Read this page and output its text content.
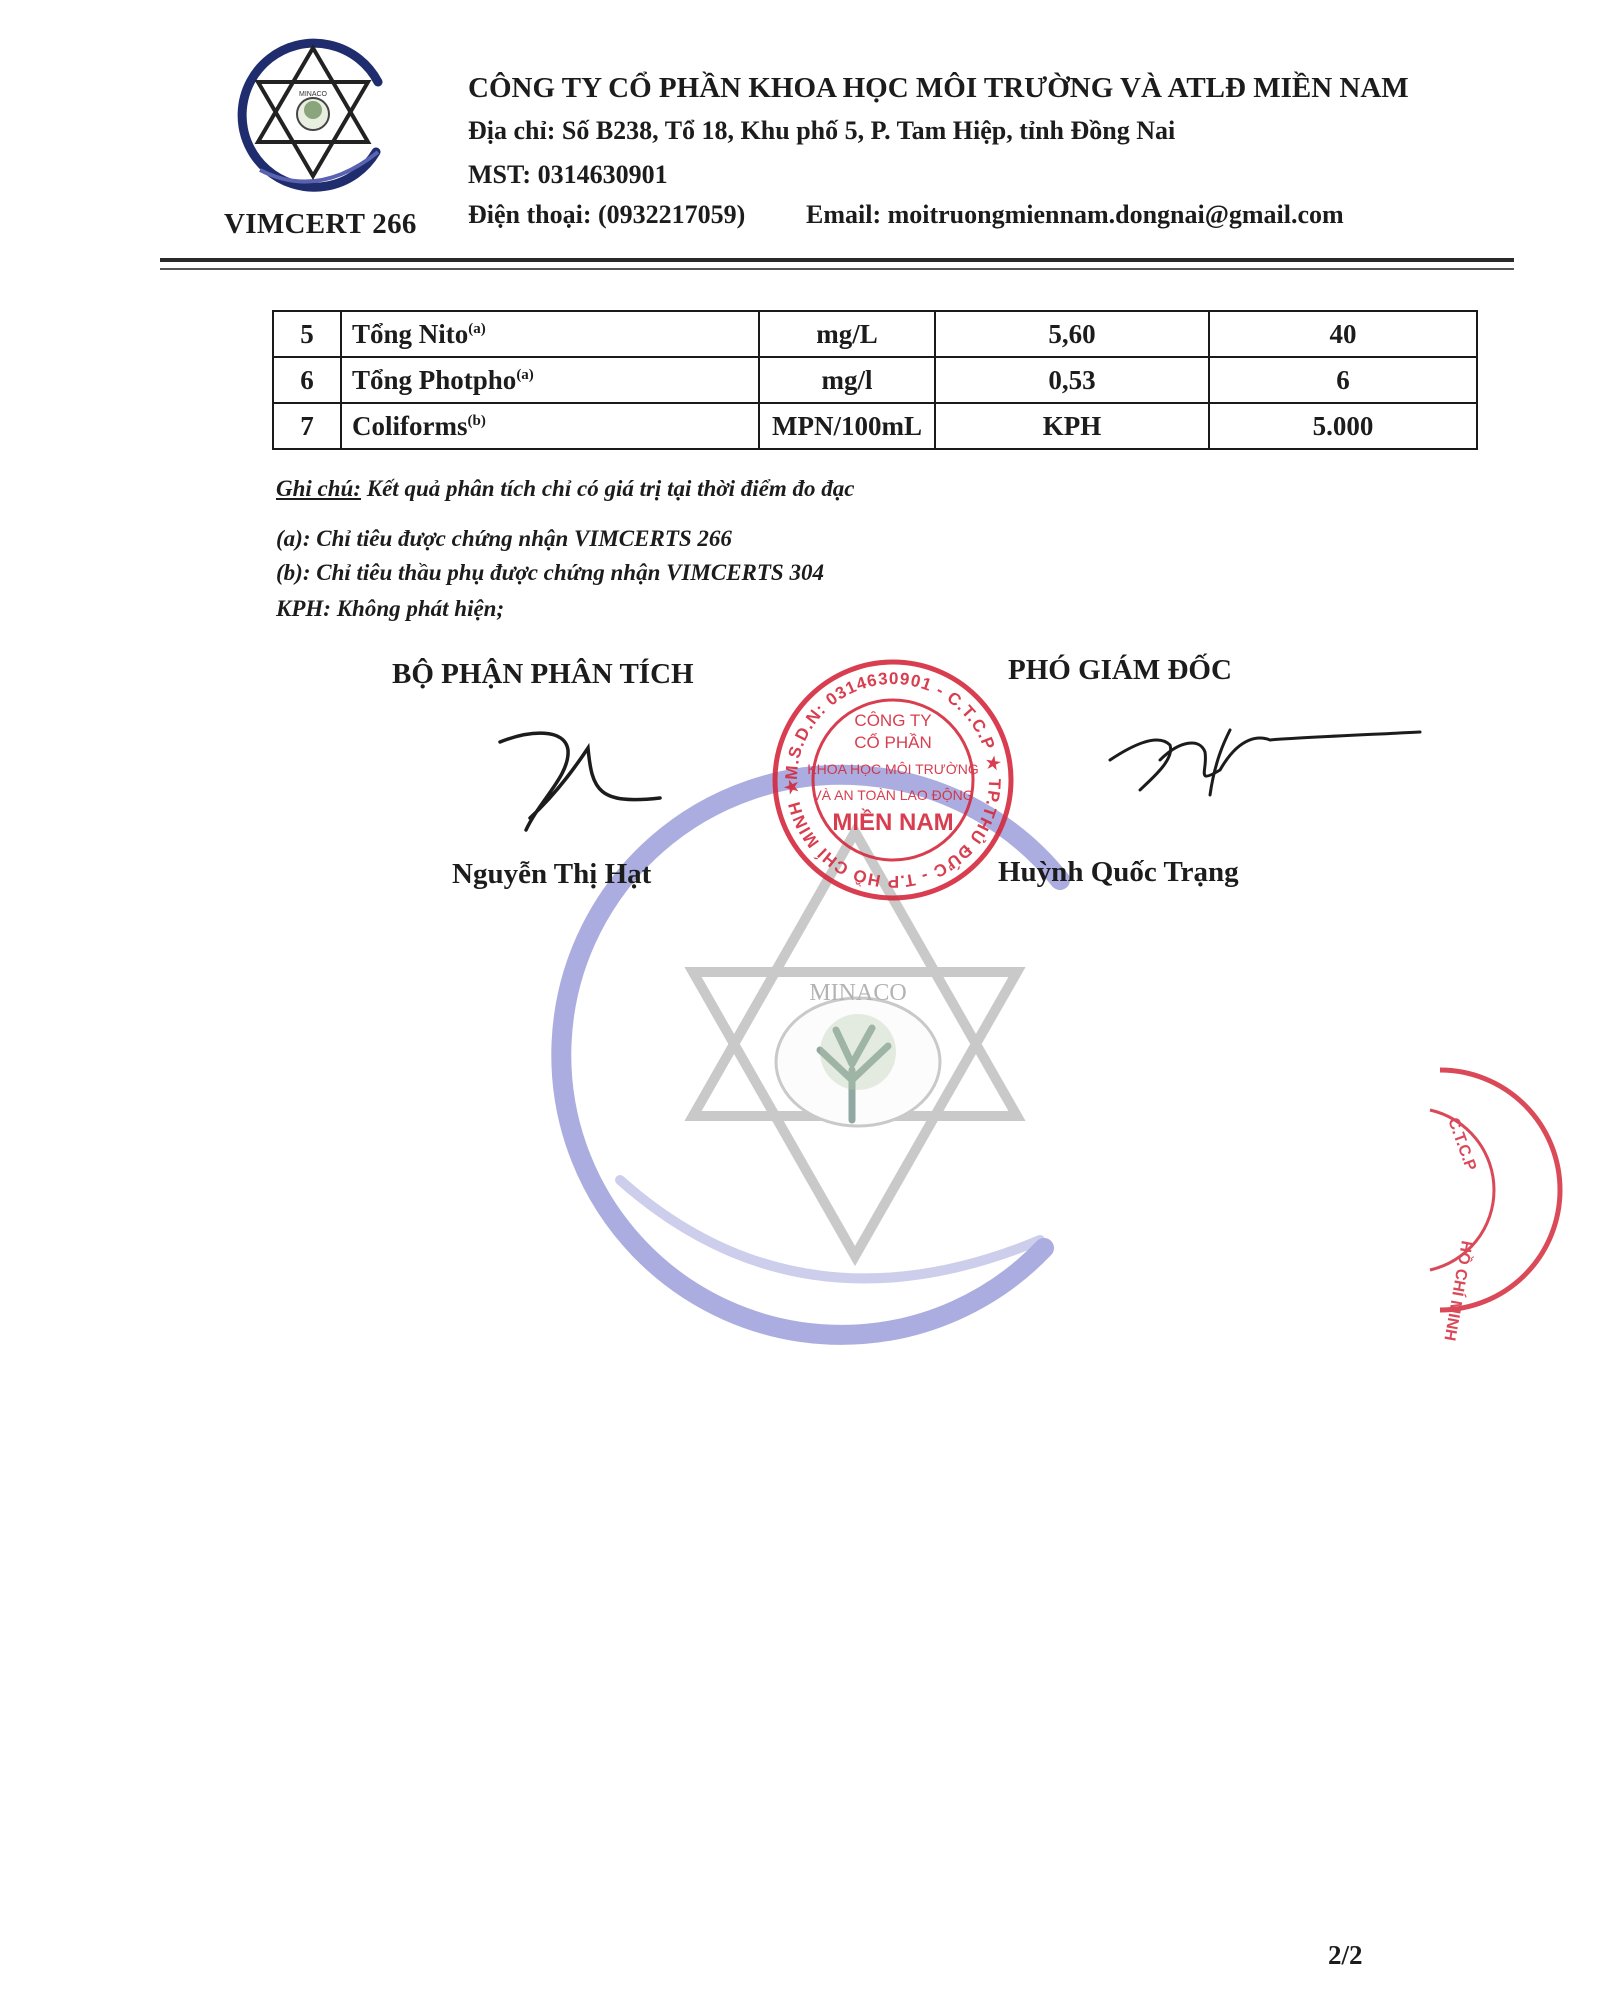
MINACO
MINACO
VIMCERT 266
CÔNG TY CỔ PHẦN KHOA HỌC MÔI TRƯỜNG VÀ ATLĐ MIỀN NAM
Địa chỉ: Số B238, Tổ 18, Khu phố 5, P. Tam Hiệp, tỉnh Đồng Nai
MST: 0314630901
Điện thoại: (0932217059) Email: moitruongmiennam.dongnai@gmail.com
5	Tổng Nito$^{(a)}$	mg/L	5,60	40
6	Tổng Photpho$^{(a)}$	mg/l	0,53	6
7	Coliforms$^{(b)}$	MPN/100mL	KPH	5.000
Ghi chú: Kết quả phân tích chỉ có giá trị tại thời điểm đo đạc
(a): Chỉ tiêu được chứng nhận VIMCERTS 266
(b): Chỉ tiêu thầu phụ được chứng nhận VIMCERTS 304
KPH: Không phát hiện;
BỘ PHẬN PHÂN TÍCH	PHÓ GIÁM ĐỐC
M.S.D.N: 0314630901 - C.T.C.P ★ TP.THỦ ĐỨC - T.P HỒ CHÍ MINH ★
CÔNG TY
CỔ PHẦN
KHOA HỌC MÔI TRƯỜNG
VÀ AN TOÀN LAO ĐỘNG
MIỀN NAM
C.T.C.P
HỒ CHÍ MINH
Nguyễn Thị Hạt	Huỳnh Quốc Trạng
2/2
